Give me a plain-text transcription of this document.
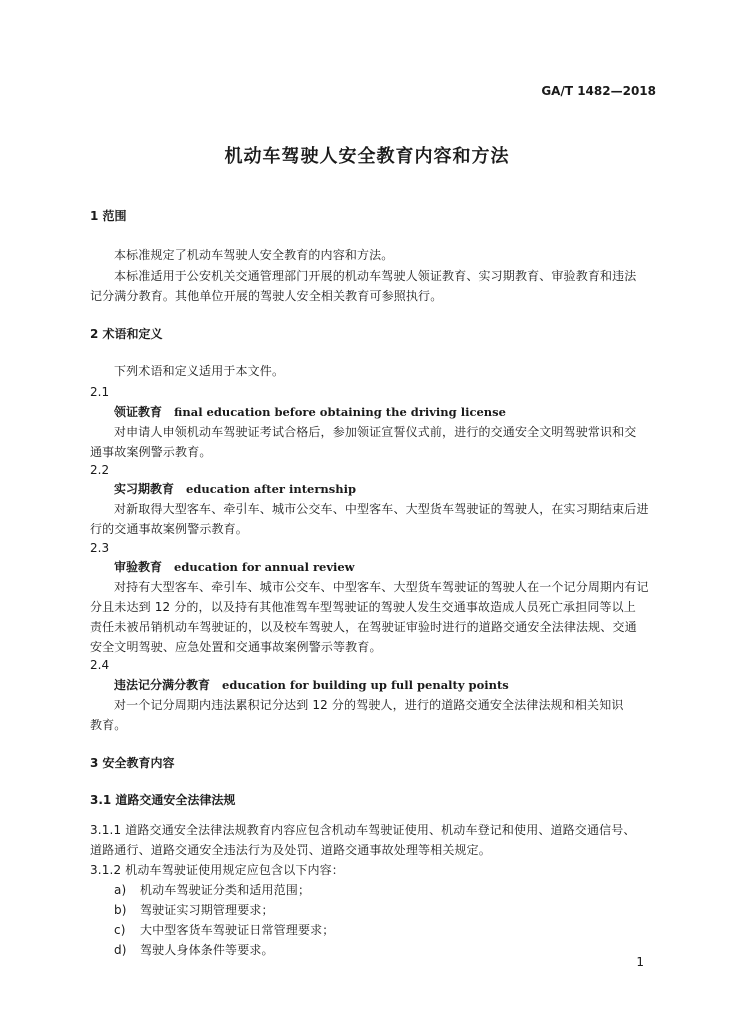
GA/T 1482—2018
机动车驾驶人安全教育内容和方法
1 范围
本标准规定了机动车驾驶人安全教育的内容和方法。
本标准适用于公安机关交通管理部门开展的机动车驾驶人领证教育、实习期教育、审验教育和违法
记分满分教育。其他单位开展的驾驶人安全相关教育可参照执行。
2 术语和定义
下列术语和定义适用于本文件。
2.1
领证教育 final education before obtaining the driving license
对申请人申领机动车驾驶证考试合格后，参加领证宣誓仪式前，进行的交通安全文明驾驶常识和交
通事故案例警示教育。
2.2
实习期教育 education after internship
对新取得大型客车、牵引车、城市公交车、中型客车、大型货车驾驶证的驾驶人，在实习期结束后进
行的交通事故案例警示教育。
2.3
审验教育 education for annual review
对持有大型客车、牵引车、城市公交车、中型客车、大型货车驾驶证的驾驶人在一个记分周期内有记
分且未达到 12 分的，以及持有其他准驾车型驾驶证的驾驶人发生交通事故造成人员死亡承担同等以上
责任未被吊销机动车驾驶证的，以及校车驾驶人，在驾驶证审验时进行的道路交通安全法律法规、交通
安全文明驾驶、应急处置和交通事故案例警示等教育。
2.4
违法记分满分教育 education for building up full penalty points
对一个记分周期内违法累积记分达到 12 分的驾驶人，进行的道路交通安全法律法规和相关知识
教育。
3 安全教育内容
3.1 道路交通安全法律法规
3.1.1 道路交通安全法律法规教育内容应包含机动车驾驶证使用、机动车登记和使用、道路交通信号、
道路通行、道路交通安全违法行为及处罚、道路交通事故处理等相关规定。
3.1.2 机动车驾驶证使用规定应包含以下内容：
a) 机动车驾驶证分类和适用范围；
b) 驾驶证实习期管理要求；
c) 大中型客货车驾驶证日常管理要求；
d) 驾驶人身体条件等要求。
1
